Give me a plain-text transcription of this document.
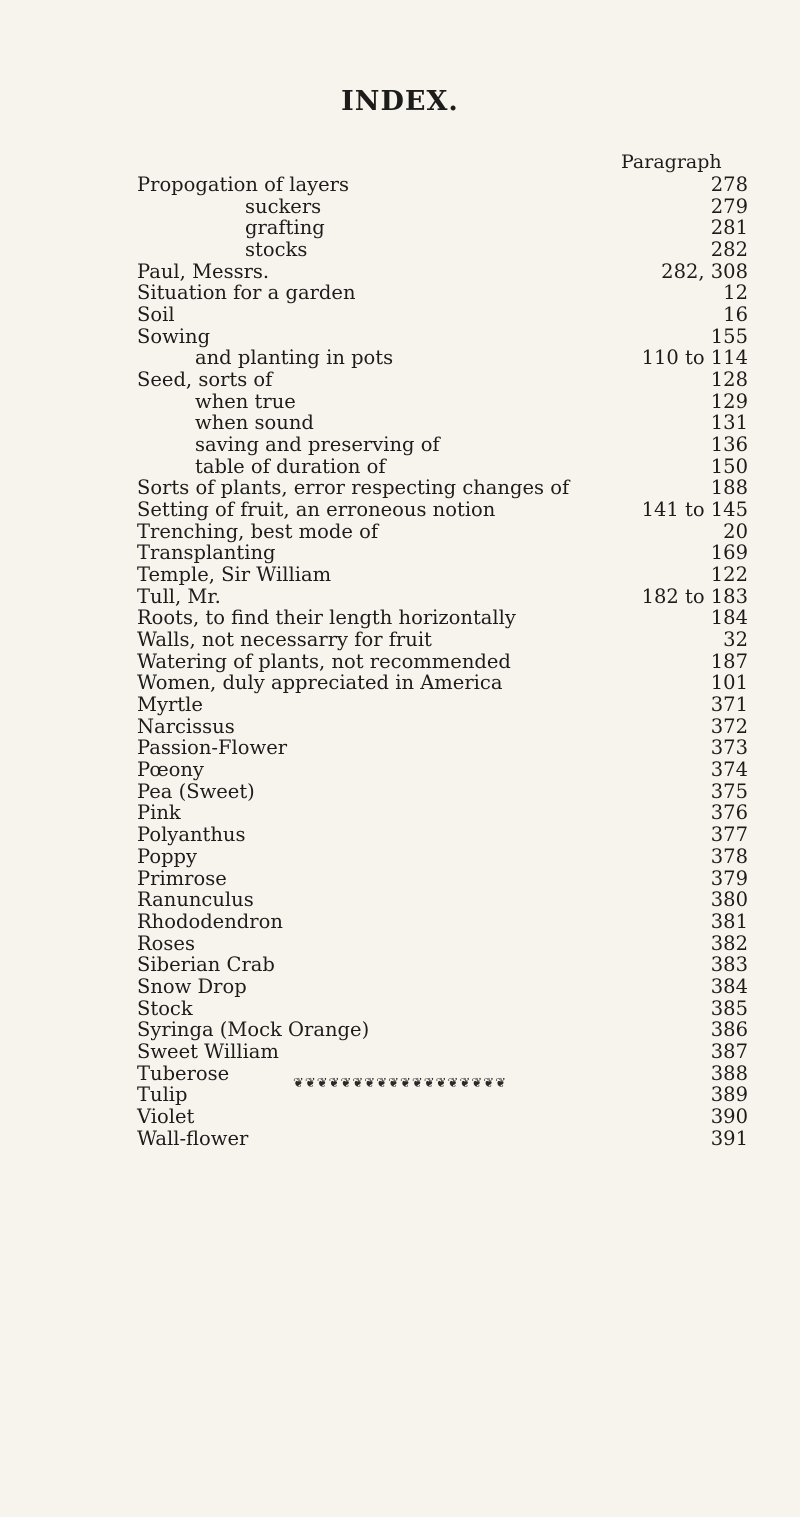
INDEX.
Paragraph
Propogation of layers	278
suckers	279
grafting	281
stocks	282
Paul, Messrs.	282, 308
Situation for a garden	12
Soil	16
Sowing	155
and planting in pots	110 to 114
Seed, sorts of	128
when true	129
when sound	131
saving and preserving of	136
table of duration of	150
Sorts of plants, error respecting changes of	188
Setting of fruit, an erroneous notion	141 to 145
Trenching, best mode of	20
Transplanting	169
Temple, Sir William	122
Tull, Mr.	182 to 183
Roots, to find their length horizontally	184
Walls, not necessarry for fruit	32
Watering of plants, not recommended	187
Women, duly appreciated in America	101
Myrtle	371
Narcissus	372
Passion-Flower	373
Pœony	374
Pea (Sweet)	375
Pink	376
Polyanthus	377
Poppy	378
Primrose	379
Ranunculus	380
Rhododendron	381
Roses	382
Siberian Crab	383
Snow Drop	384
Stock	385
Syringa (Mock Orange)	386
Sweet William	387
Tuberose	388
Tulip	389
Violet	390
Wall-flower	391
❦❦❦❦❦❦❦❦❦❦❦❦❦❦❦❦❦❦
